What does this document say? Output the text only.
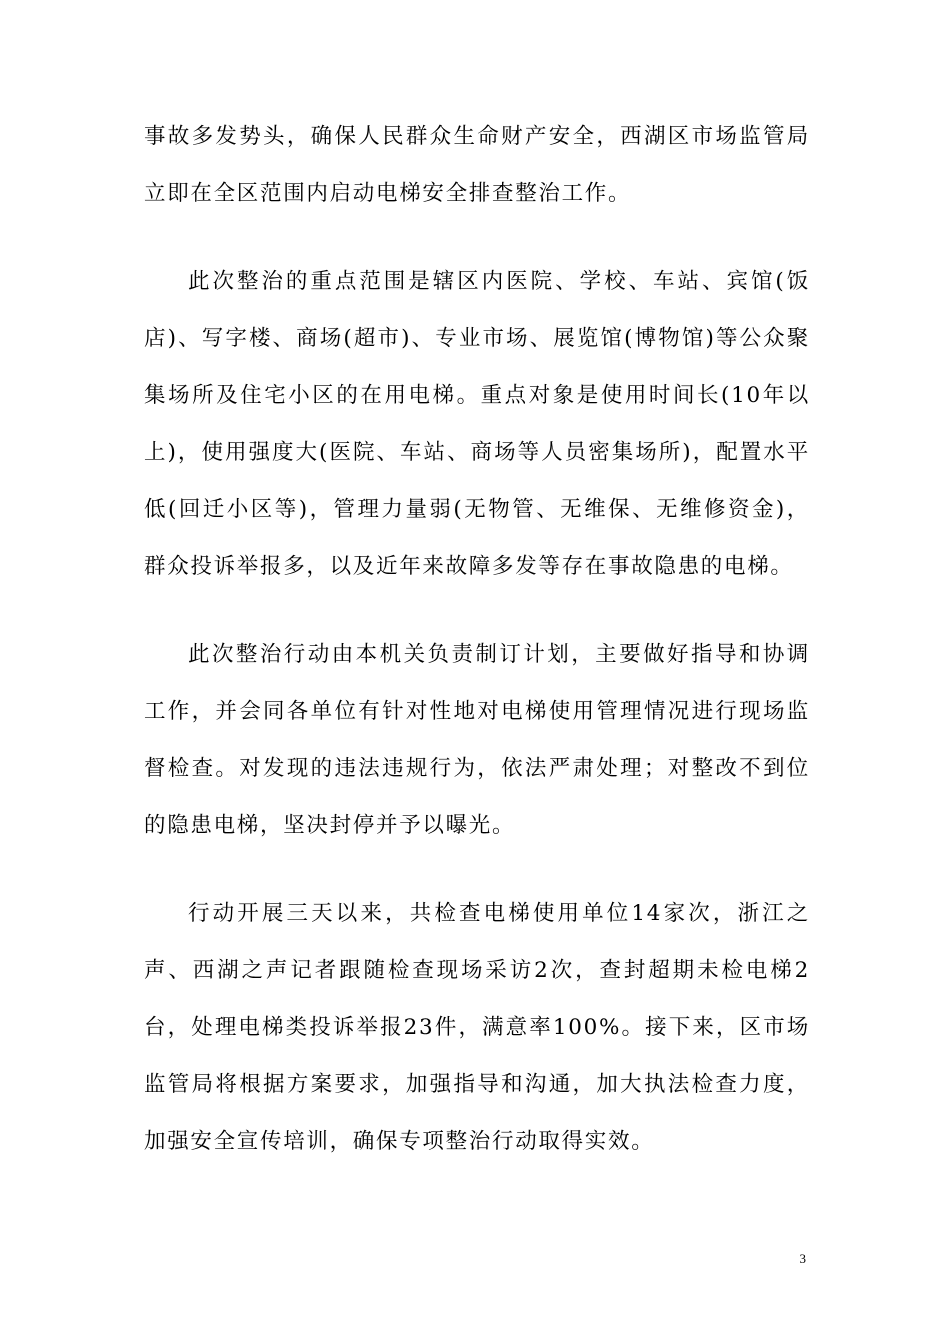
事故多发势头，确保人民群众生命财产安全，西湖区市场监管局立即在全区范围内启动电梯安全排查整治工作。

此次整治的重点范围是辖区内医院、学校、车站、宾馆(饭店)、写字楼、商场(超市)、专业市场、展览馆(博物馆)等公众聚集场所及住宅小区的在用电梯。重点对象是使用时间长(10年以上)，使用强度大(医院、车站、商场等人员密集场所)，配置水平低(回迁小区等)，管理力量弱(无物管、无维保、无维修资金)，群众投诉举报多，以及近年来故障多发等存在事故隐患的电梯。

此次整治行动由本机关负责制订计划，主要做好指导和协调工作，并会同各单位有针对性地对电梯使用管理情况进行现场监督检查。对发现的违法违规行为，依法严肃处理；对整改不到位的隐患电梯，坚决封停并予以曝光。

行动开展三天以来，共检查电梯使用单位14家次，浙江之声、西湖之声记者跟随检查现场采访2次，查封超期未检电梯2台，处理电梯类投诉举报23件，满意率100%。接下来，区市场监管局将根据方案要求，加强指导和沟通，加大执法检查力度，加强安全宣传培训，确保专项整治行动取得实效。

3
